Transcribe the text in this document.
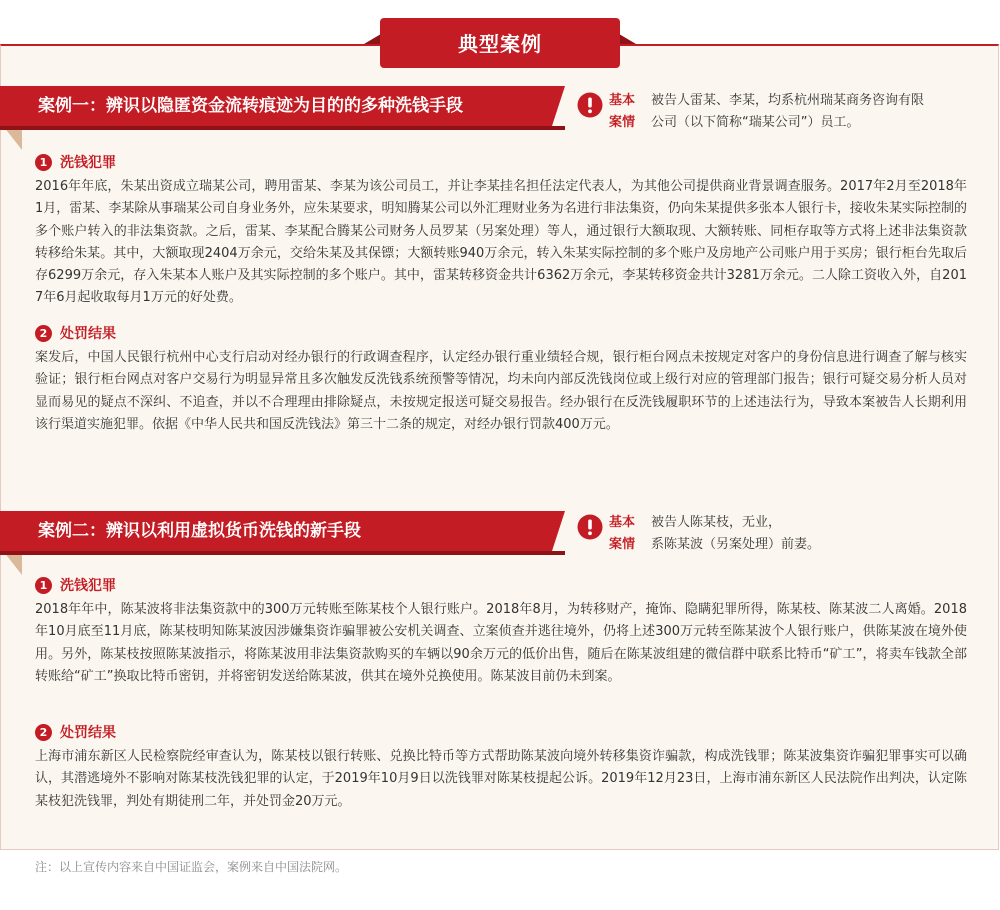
典型案例
案例一：辨识以隐匿资金流转痕迹为目的的多种洗钱手段	基本
案情
被告人雷某、李某，均系杭州瑞某商务咨询有限
公司（以下简称“瑞某公司”）员工。
1 洗钱犯罪
2016年年底，朱某出资成立瑞某公司，聘用雷某、李某为该公司员工，并让李某挂名担任法定代表人，为其他公司提供商业背景调查服务。2017年2月至2018年1月，雷某、李某除从事瑞某公司自身业务外，应朱某要求，明知腾某公司以外汇理财业务为名进行非法集资，仍向朱某提供多张本人银行卡，接收朱某实际控制的多个账户转入的非法集资款。之后，雷某、李某配合腾某公司财务人员罗某（另案处理）等人，通过银行大额取现、大额转账、同柜存取等方式将上述非法集资款转移给朱某。其中，大额取现2404万余元，交给朱某及其保镖；大额转账940万余元，转入朱某实际控制的多个账户及房地产公司账户用于买房；银行柜台先取后存6299万余元，存入朱某本人账户及其实际控制的多个账户。其中，雷某转移资金共计6362万余元，李某转移资金共计3281万余元。二人除工资收入外，自2017年6月起收取每月1万元的好处费。
2 处罚结果
案发后，中国人民银行杭州中心支行启动对经办银行的行政调查程序，认定经办银行重业绩轻合规，银行柜台网点未按规定对客户的身份信息进行调查了解与核实验证；银行柜台网点对客户交易行为明显异常且多次触发反洗钱系统预警等情况，均未向内部反洗钱岗位或上级行对应的管理部门报告；银行可疑交易分析人员对显而易见的疑点不深纠、不追查，并以不合理理由排除疑点，未按规定报送可疑交易报告。经办银行在反洗钱履职环节的上述违法行为，导致本案被告人长期利用该行渠道实施犯罪。依据《中华人民共和国反洗钱法》第三十二条的规定，对经办银行罚款400万元。
案例二：辨识以利用虚拟货币洗钱的新手段	基本
案情
被告人陈某枝，无业，
系陈某波（另案处理）前妻。
1 洗钱犯罪
2018年年中，陈某波将非法集资款中的300万元转账至陈某枝个人银行账户。2018年8月，为转移财产，掩饰、隐瞒犯罪所得，陈某枝、陈某波二人离婚。2018年10月底至11月底，陈某枝明知陈某波因涉嫌集资诈骗罪被公安机关调查、立案侦查并逃往境外，仍将上述300万元转至陈某波个人银行账户，供陈某波在境外使用。另外，陈某枝按照陈某波指示，将陈某波用非法集资款购买的车辆以90余万元的低价出售，随后在陈某波组建的微信群中联系比特币“矿工”，将卖车钱款全部转账给“矿工”换取比特币密钥，并将密钥发送给陈某波，供其在境外兑换使用。陈某波目前仍未到案。
2 处罚结果
上海市浦东新区人民检察院经审查认为，陈某枝以银行转账、兑换比特币等方式帮助陈某波向境外转移集资诈骗款，构成洗钱罪；陈某波集资诈骗犯罪事实可以确认，其潜逃境外不影响对陈某枝洗钱犯罪的认定，于2019年10月9日以洗钱罪对陈某枝提起公诉。2019年12月23日，上海市浦东新区人民法院作出判决，认定陈某枝犯洗钱罪，判处有期徒刑二年，并处罚金20万元。
注：以上宣传内容来自中国证监会，案例来自中国法院网。
